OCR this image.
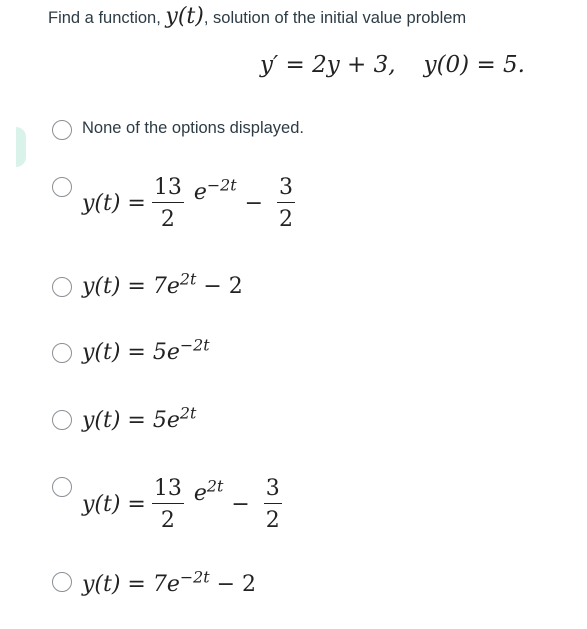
Find a function, y(t), solution of the initial value problem
y′ = 2y + 3, y(0) = 5.
None of the options displayed.
$y(t) = \frac{13}{2} e^{-2t}$
− $\frac{3}{2}$
$y(t) = 7e^{2t} - 2$
$y(t) = 5e^{-2t}$
$y(t) = 5e^{2t}$
$y(t) = \frac{13}{2} e^{2t}$
− $\frac{3}{2}$
$y(t) = 7e^{-2t} - 2$
